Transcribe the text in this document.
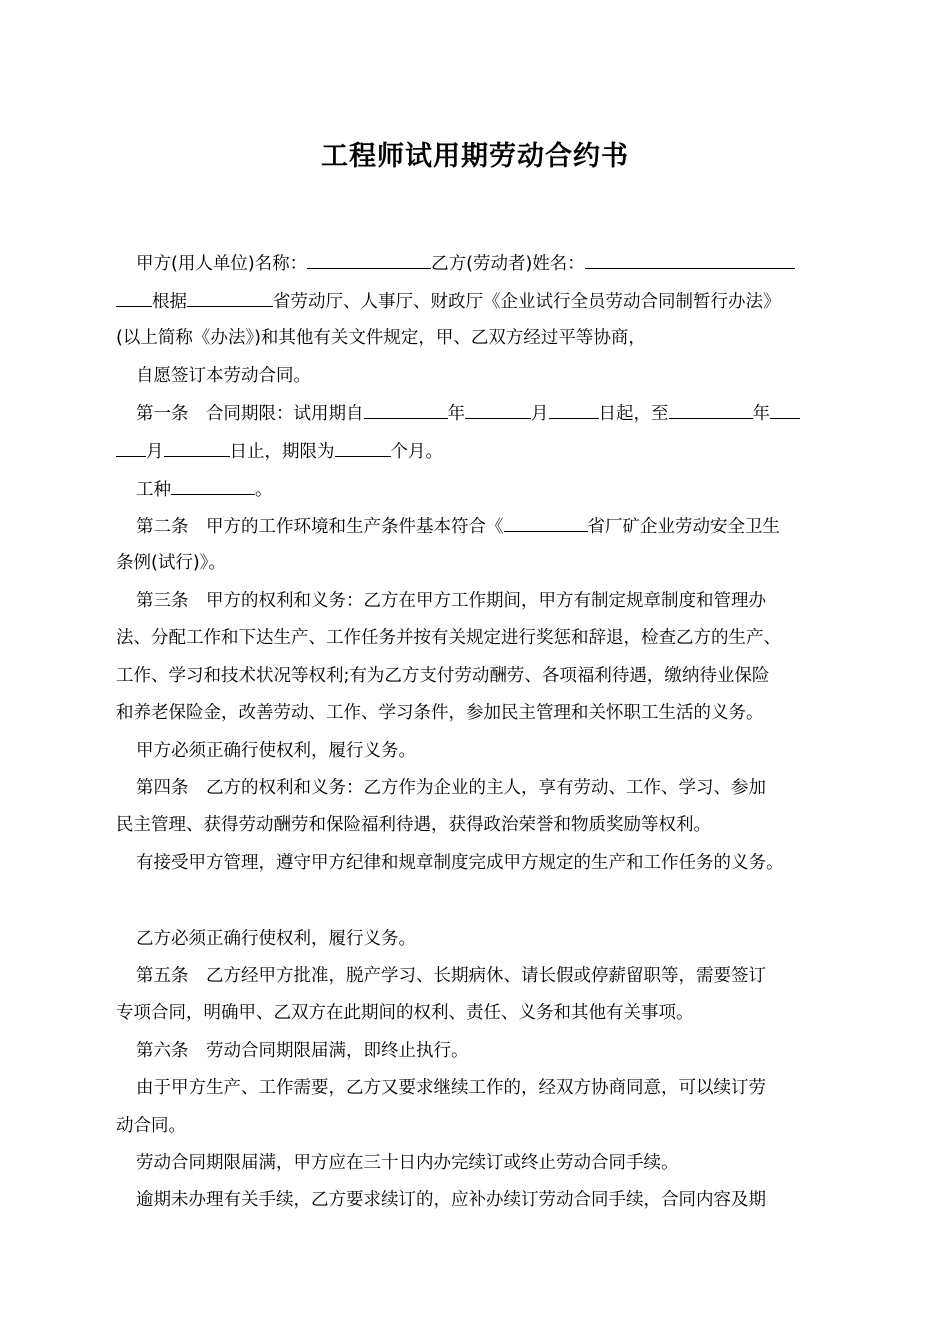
工程师试用期劳动合约书
甲方(用人单位)名称：	乙方(劳动者)姓名：
根据	省劳动厅、人事厅、财政厅《企业试行全员劳动合同制暂行办法》
(以上简称《办法》)和其他有关文件规定，甲、乙双方经过平等协商，
自愿签订本劳动合同。
第一条　合同期限：试用期自	年	月	日起，至	年
月	日止，期限为	个月。
工种	。
第二条　甲方的工作环境和生产条件基本符合《	省厂矿企业劳动安全卫生
条例(试行)》。
第三条　甲方的权利和义务：乙方在甲方工作期间，甲方有制定规章制度和管理办
法、分配工作和下达生产、工作任务并按有关规定进行奖惩和辞退，检查乙方的生产、
工作、学习和技术状况等权利;有为乙方支付劳动酬劳、各项福利待遇，缴纳待业保险
和养老保险金，改善劳动、工作、学习条件，参加民主管理和关怀职工生活的义务。
甲方必须正确行使权利，履行义务。
第四条　乙方的权利和义务：乙方作为企业的主人，享有劳动、工作、学习、参加
民主管理、获得劳动酬劳和保险福利待遇，获得政治荣誉和物质奖励等权利。
有接受甲方管理，遵守甲方纪律和规章制度完成甲方规定的生产和工作任务的义务。
乙方必须正确行使权利，履行义务。
第五条　乙方经甲方批准，脱产学习、长期病休、请长假或停薪留职等，需要签订
专项合同，明确甲、乙双方在此期间的权利、责任、义务和其他有关事项。
第六条　劳动合同期限届满，即终止执行。
由于甲方生产、工作需要，乙方又要求继续工作的，经双方协商同意，可以续订劳
动合同。
劳动合同期限届满，甲方应在三十日内办完续订或终止劳动合同手续。
逾期未办理有关手续，乙方要求续订的，应补办续订劳动合同手续，合同内容及期
